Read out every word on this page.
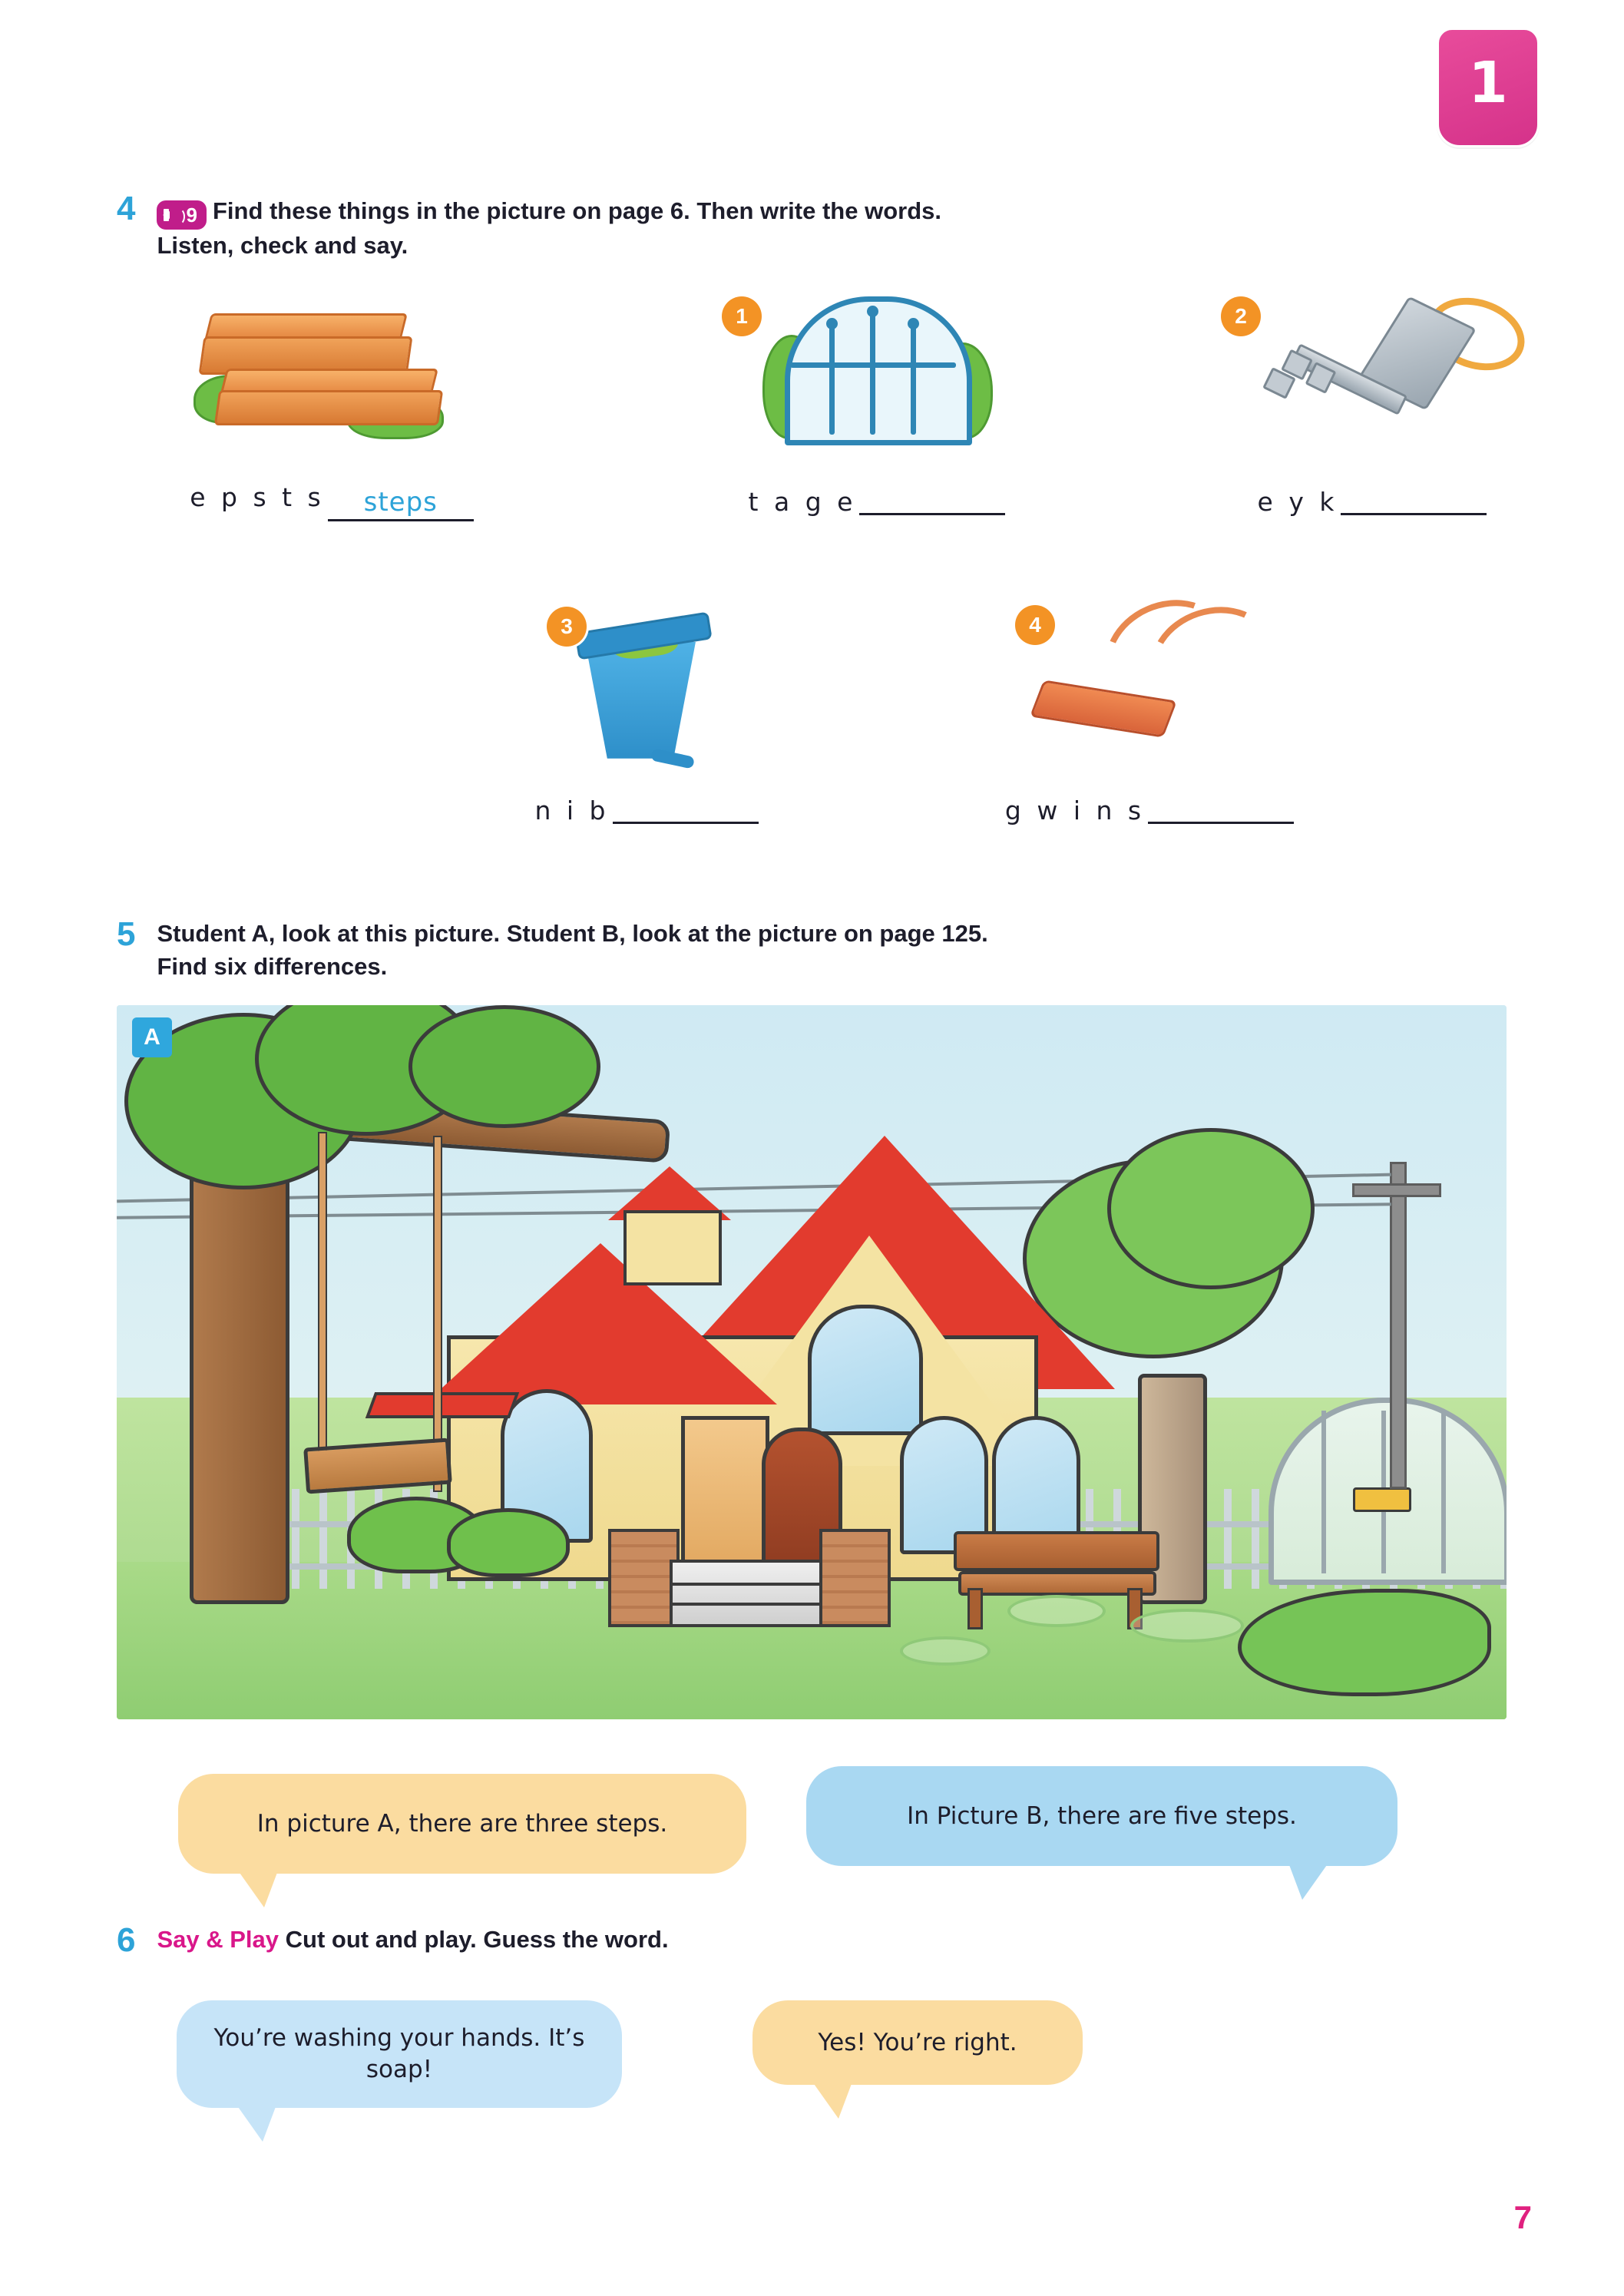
1
4	9 Find these things in the picture on page 6. Then write the words.
Listen, check and say.
e p s t s steps
1
t a g e
2
e y k
3
n i b
4
g w i n s
5 Student A, look at this picture. Student B, look at the picture on page 125.
Find six differences.
A
In picture A, there are three steps.	In Picture B, there are five steps.
6 Say & Play Cut out and play. Guess the word.
You’re washing your hands. It’s soap!
Yes! You’re right.
7
